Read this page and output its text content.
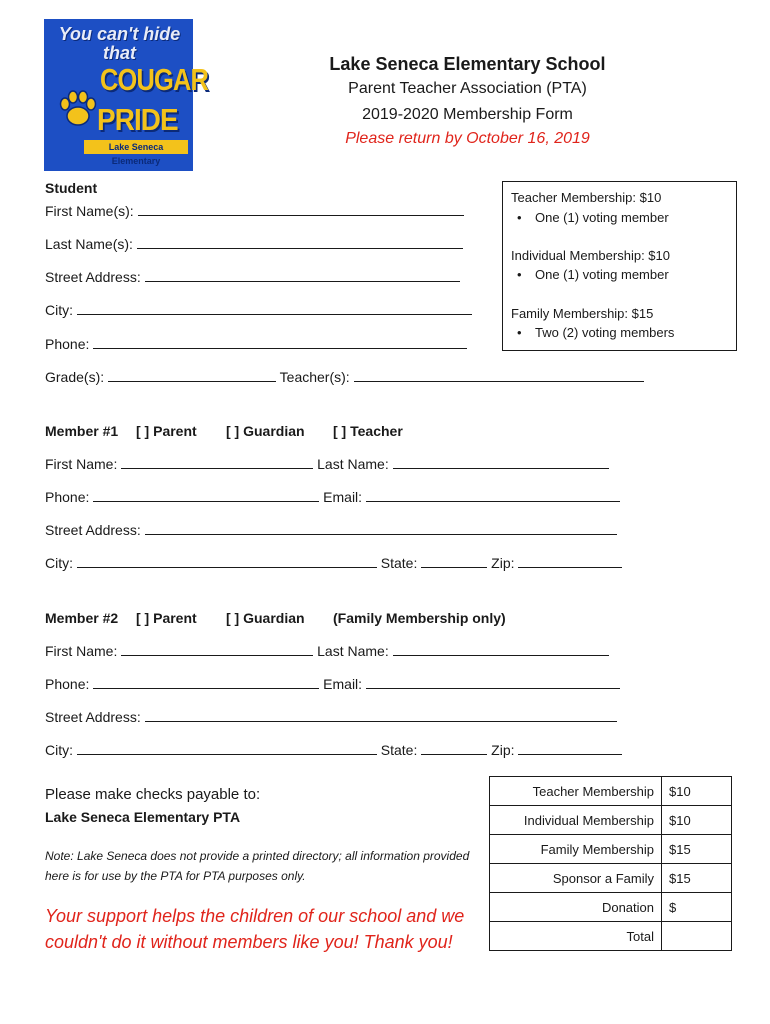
You can't hide that
COUGAR
PRIDE
Lake Seneca Elementary
Lake Seneca Elementary School
Parent Teacher Association (PTA)
2019-2020 Membership Form
Please return by October 16, 2019
Student
First Name(s):
Last Name(s):
Street Address:
City:
Phone:
Grade(s):	Teacher(s):
Teacher Membership: $10
• One (1) voting member
Individual Membership: $10
• One (1) voting member
Family Membership: $15
• Two (2) voting members
Member #1 [ ] Parent [ ] Guardian [ ] Teacher
First Name:	Last Name:
Phone:	Email:
Street Address:
City:	State:	Zip:
Member #2 [ ] Parent [ ] Guardian (Family Membership only)
First Name:	Last Name:
Phone:	Email:
Street Address:
City:	State:	Zip:
Please make checks payable to:
Lake Seneca Elementary PTA
Note: Lake Seneca does not provide a printed directory; all information provided here is for use by the PTA for PTA purposes only.
Your support helps the children of our school and we couldn't do it without members like you! Thank you!
Teacher Membership	$10
Individual Membership	$10
Family Membership	$15
Sponsor a Family	$15
Donation	$
Total	
